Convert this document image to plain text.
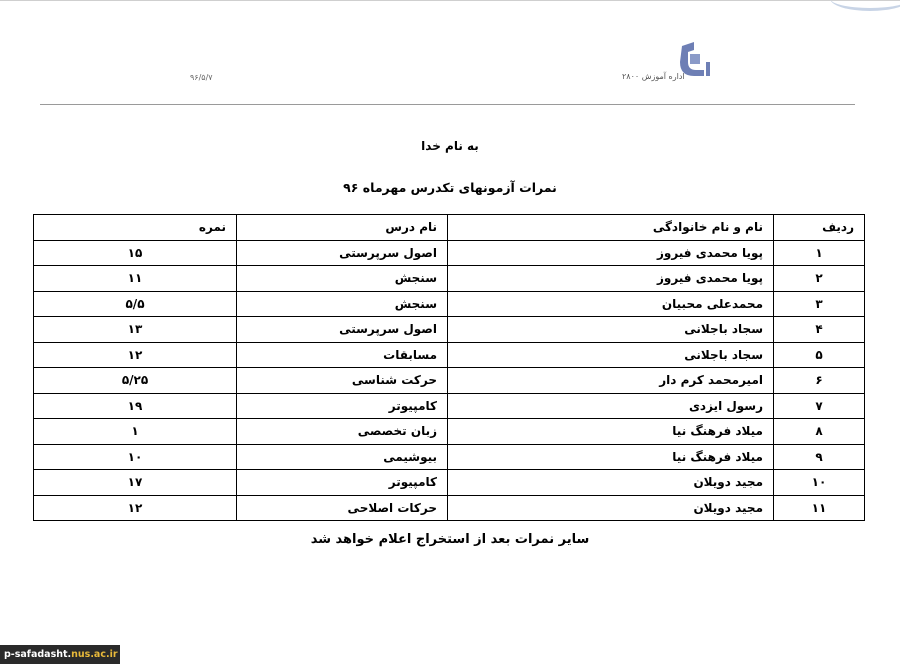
اداره آموزش ۲۸۰۰
۹۶/۵/۷
به نام خدا
نمرات آزمونهای تکدرس مهرماه ۹۶
ردیف	نام و نام خانوادگی	نام درس	نمره
۱	پویا محمدی فیروز	اصول سرپرستی	۱۵
۲	پویا محمدی فیروز	سنجش	۱۱
۳	محمدعلی محبیان	سنجش	۵/۵
۴	سجاد باجلانی	اصول سرپرستی	۱۳
۵	سجاد باجلانی	مسابقات	۱۲
۶	امیرمحمد کرم دار	حرکت شناسی	۵/۲۵
۷	رسول ایزدی	کامپیوتر	۱۹
۸	میلاد فرهنگ نیا	زبان تخصصی	۱
۹	میلاد فرهنگ نیا	بیوشیمی	۱۰
۱۰	مجید دویلان	کامپیوتر	۱۷
۱۱	مجید دویلان	حرکات اصلاحی	۱۲
سایر نمرات بعد از استخراج اعلام خواهد شد
p-safadasht.nus.ac.ir
